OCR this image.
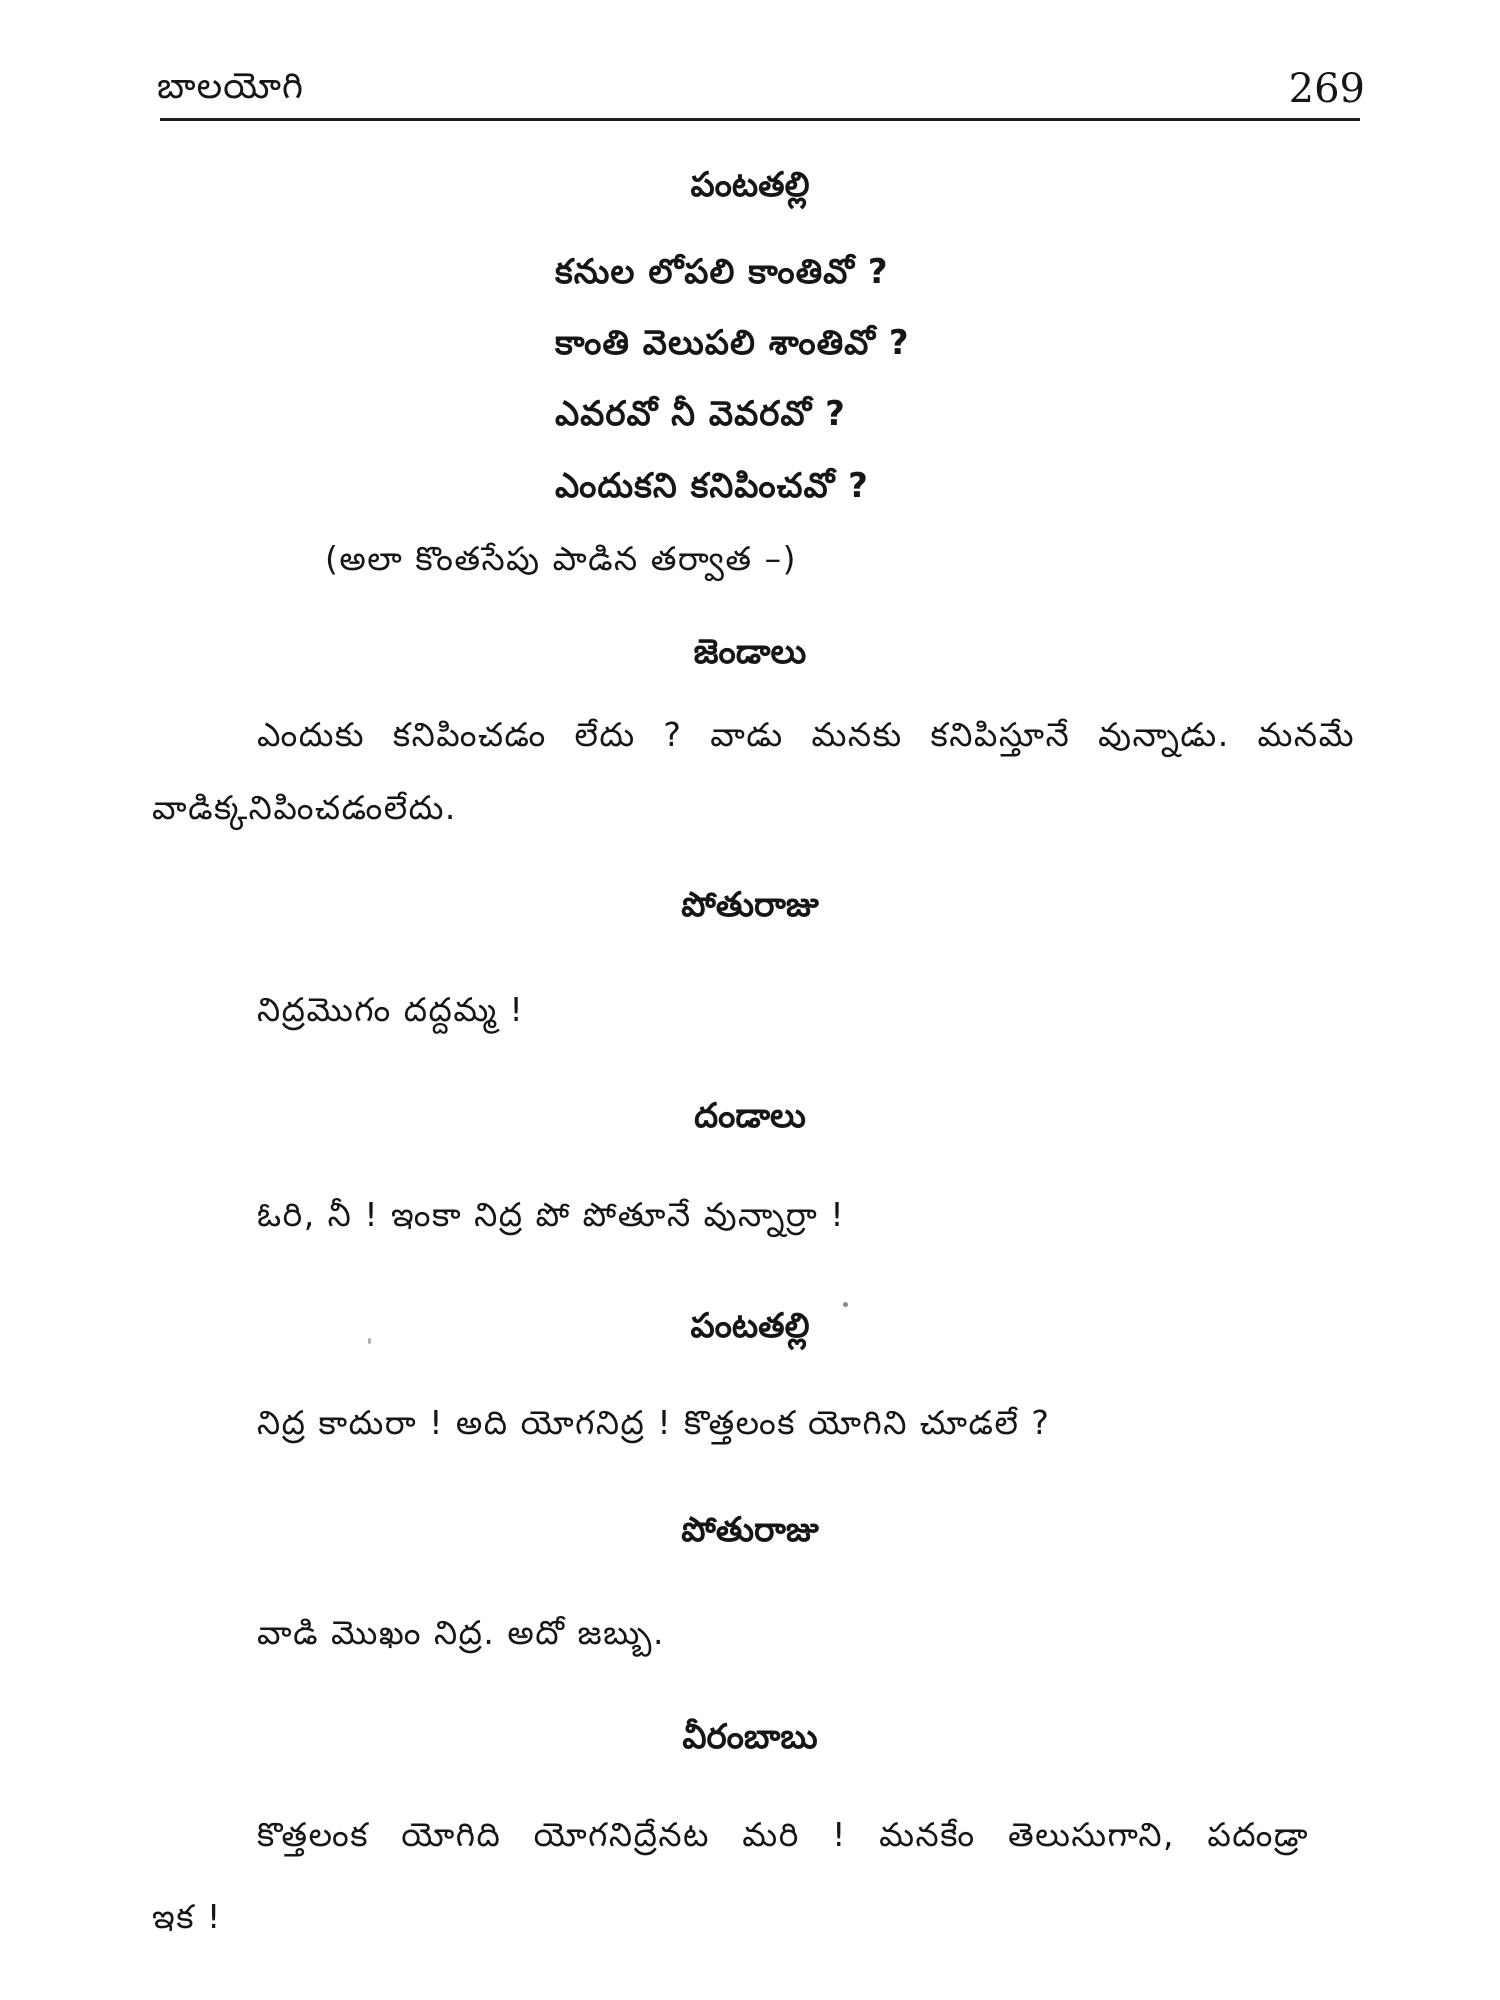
బాలయోగి	269
పంటతల్లి
కనుల లోపలి కాంతివో ?
కాంతి వెలుపలి శాంతివో ?
ఎవరవో నీ వెవరవో ?
ఎందుకని కనిపించవో ?
(అలా కొంతసేపు పాడిన తర్వాత –)
జెండాలు
ఎందుకు కనిపించడం లేదు ? వాడు మనకు కనిపిస్తూనే వున్నాడు. మనమే
వాడిక్కనిపించడంలేదు.
పోతురాజు
నిద్రమొగం దద్దమ్మ !
దండాలు
ఓరి, నీ ! ఇంకా నిద్ర పో పోతూనే వున్నార్రా !
పంటతల్లి
నిద్ర కాదురా ! అది యోగనిద్ర ! కొత్తలంక యోగిని చూడలే ?
పోతురాజు
వాడి మొఖం నిద్ర. అదో జబ్బు.
వీరంబాబు
కొత్తలంక యోగిది యోగనిద్రేనట మరి ! మనకేం తెలుసుగాని, పదండ్రా
ఇక !
